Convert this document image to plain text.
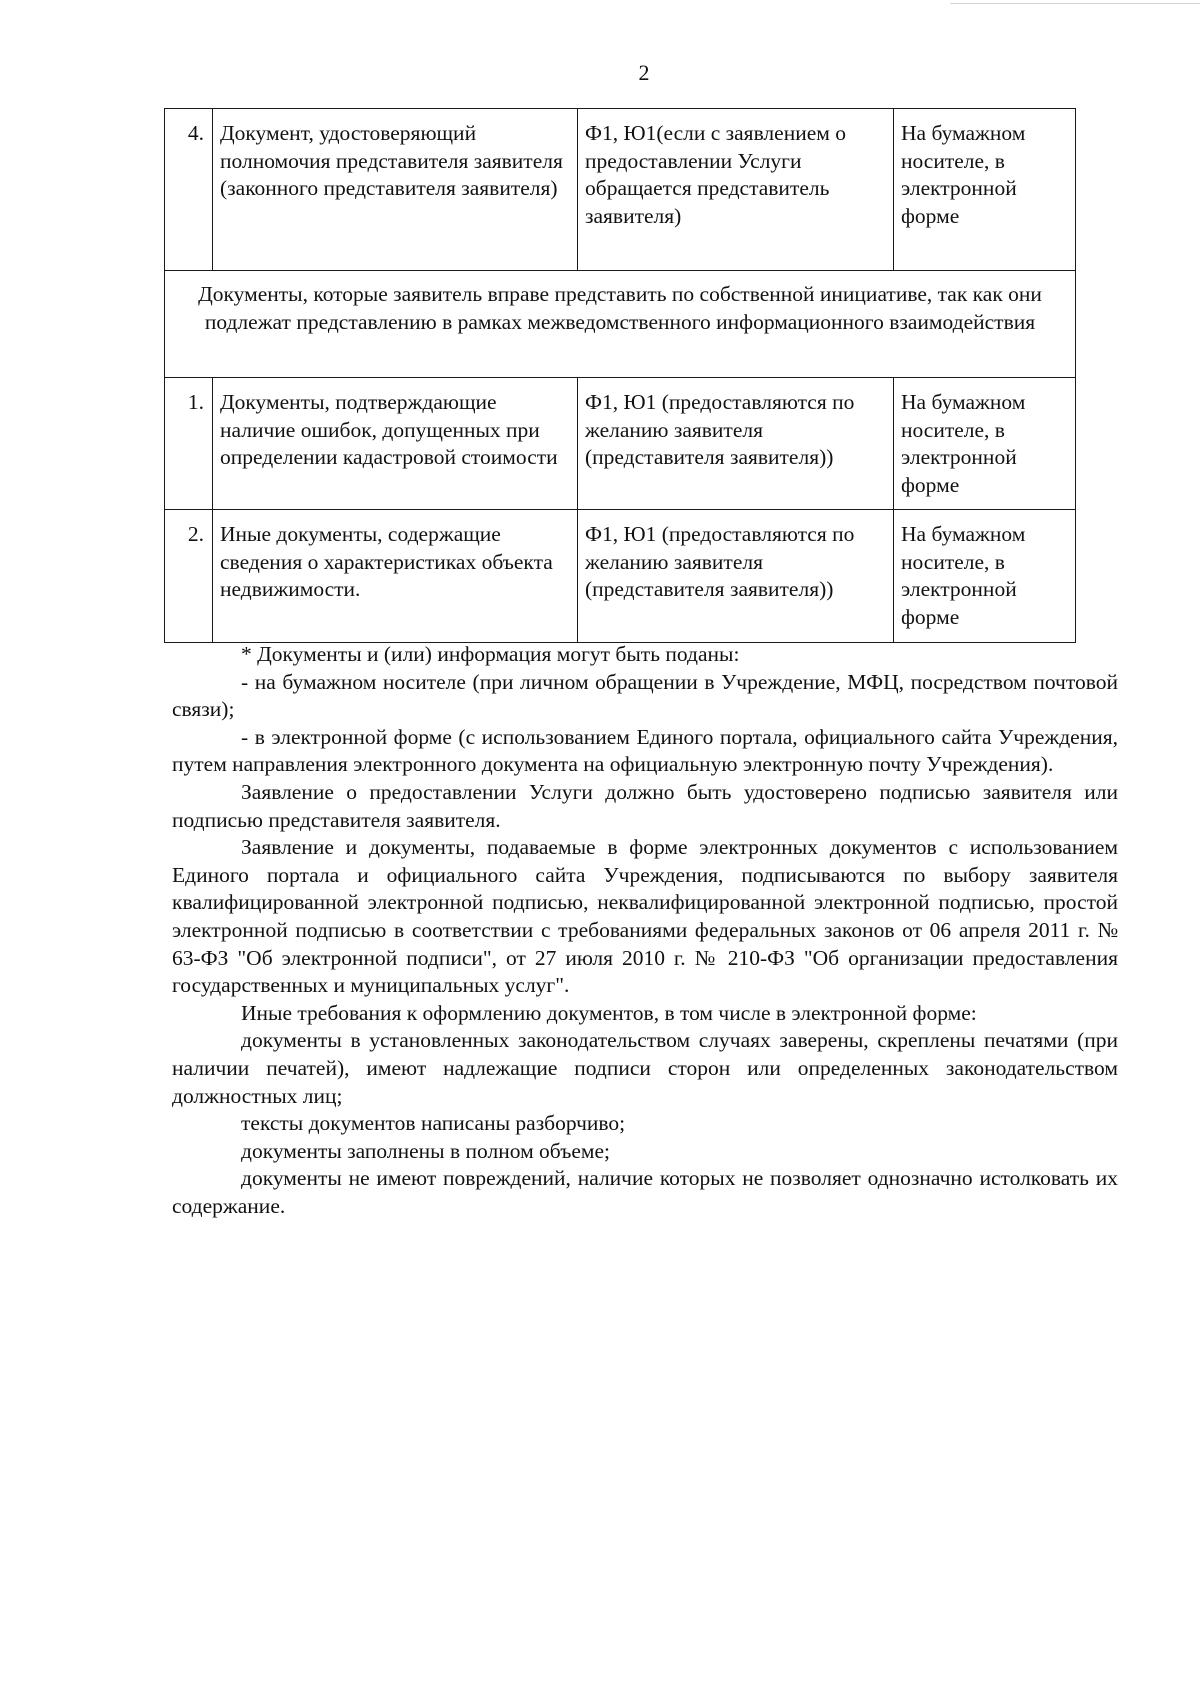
2
4.	Документ, удостоверяющий полномочия представителя заявителя (законного представителя заявителя)	Ф1, Ю1(если с заявлением о предоставлении Услуги обращается представитель заявителя)	На бумажном носителе, в электронной форме
Документы, которые заявитель вправе представить по собственной инициативе, так как они подлежат представлению в рамках межведомственного информационного взаимодействия			
1.	Документы, подтверждающие наличие ошибок, допущенных при определении кадастровой стоимости	Ф1, Ю1 (предоставляются по желанию заявителя (представителя заявителя))	На бумажном носителе, в электронной форме
2.	Иные документы, содержащие сведения о характеристиках объекта недвижимости.	Ф1, Ю1 (предоставляются по желанию заявителя (представителя заявителя))	На бумажном носителе, в электронной форме

* Документы и (или) информация могут быть поданы:

- на бумажном носителе (при личном обращении в Учреждение, МФЦ, посредством почтовой связи);

- в электронной форме (с использованием Единого портала, официального сайта Учреждения, путем направления электронного документа на официальную электронную почту Учреждения).

Заявление о предоставлении Услуги должно быть удостоверено подписью заявителя или подписью представителя заявителя.

Заявление и документы, подаваемые в форме электронных документов с использованием Единого портала и официального сайта Учреждения, подписываются по выбору заявителя квалифицированной электронной подписью, неквалифицированной электронной подписью, простой электронной подписью в соответствии с требованиями федеральных законов от 06 апреля 2011 г. № 63-ФЗ "Об электронной подписи", от 27 июля 2010 г. № 210-ФЗ "Об организации предоставления государственных и муниципальных услуг".

Иные требования к оформлению документов, в том числе в электронной форме:

документы в установленных законодательством случаях заверены, скреплены печатями (при наличии печатей), имеют надлежащие подписи сторон или определенных законодательством должностных лиц;

тексты документов написаны разборчиво;

документы заполнены в полном объеме;

документы не имеют повреждений, наличие которых не позволяет однозначно истолковать их содержание.
